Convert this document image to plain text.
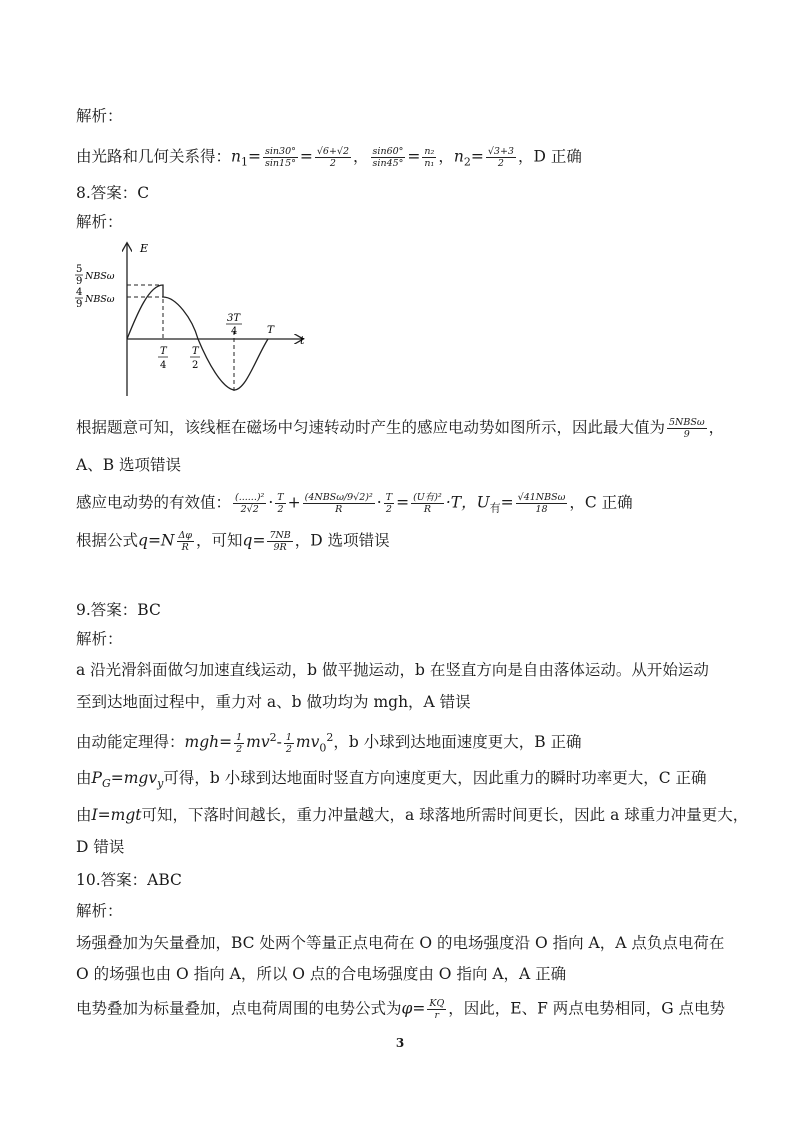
解析：
由光路和几何关系得：$n_1= \frac{\sin 30^\circ}{\sin 15^\circ} = \frac{√6+√2}{2}$ ， $\frac{\sin 60^\circ}{\sin 45^\circ} = \frac{\text{n₂}}{\text{n₁}}$ ，$n_2= \frac{√3+3}{2}$ ，D 正确
8.答案：C
解析：
E
t
5
9 NBSω
4
9 NBSω
T
4
T
2
3T
4	T
根据题意可知，该线框在磁场中匀速转动时产生的感应电动势如图所示，因此最大值为 $\frac{\text{5NBSω}}{9}$ ，
A、B 选项错误
感应电动势的有效值： $\frac{\text{(......)²}}{2√2} \cdot \frac{T}{2} + \frac{\text{(4NBSω/9√2)²}}{R} \cdot \frac{T}{2} = \frac{\text{(U有)²}}{R} \cdot T$，$U_有= \frac{\text{√41NBSω}}{18}$ ，C 正确
根据公式$q=N \frac{\Delta\varphi}{R}$ ，可知$q= \frac{7NB}{9R}$ ，D 选项错误
9.答案：BC
解析：
a 沿光滑斜面做匀加速直线运动，b 做平抛运动，b 在竖直方向是自由落体运动。从开始运动
至到达地面过程中，重力对 a、b 做功均为 mgh，A 错误
由动能定理得：$mgh= \frac{1}{2} mv^2- \frac{1}{2} mv_0^2$，b 小球到达地面速度更大，B 正确
由$P_G=mgv_y$可得，b 小球到达地面时竖直方向速度更大，因此重力的瞬时功率更大，C 正确
由I=mgt可知，下落时间越长，重力冲量越大，a 球落地所需时间更长，因此 a 球重力冲量更大，
D 错误
10.答案：ABC
解析：
场强叠加为矢量叠加，BC 处两个等量正点电荷在 O 的电场强度沿 O 指向 A，A 点负点电荷在
O 的场强也由 O 指向 A，所以 O 点的合电场强度由 O 指向 A，A 正确
电势叠加为标量叠加，点电荷周围的电势公式为$\varphi= \frac{KQ}{r}$ ，因此，E、F 两点电势相同，G 点电势
3
